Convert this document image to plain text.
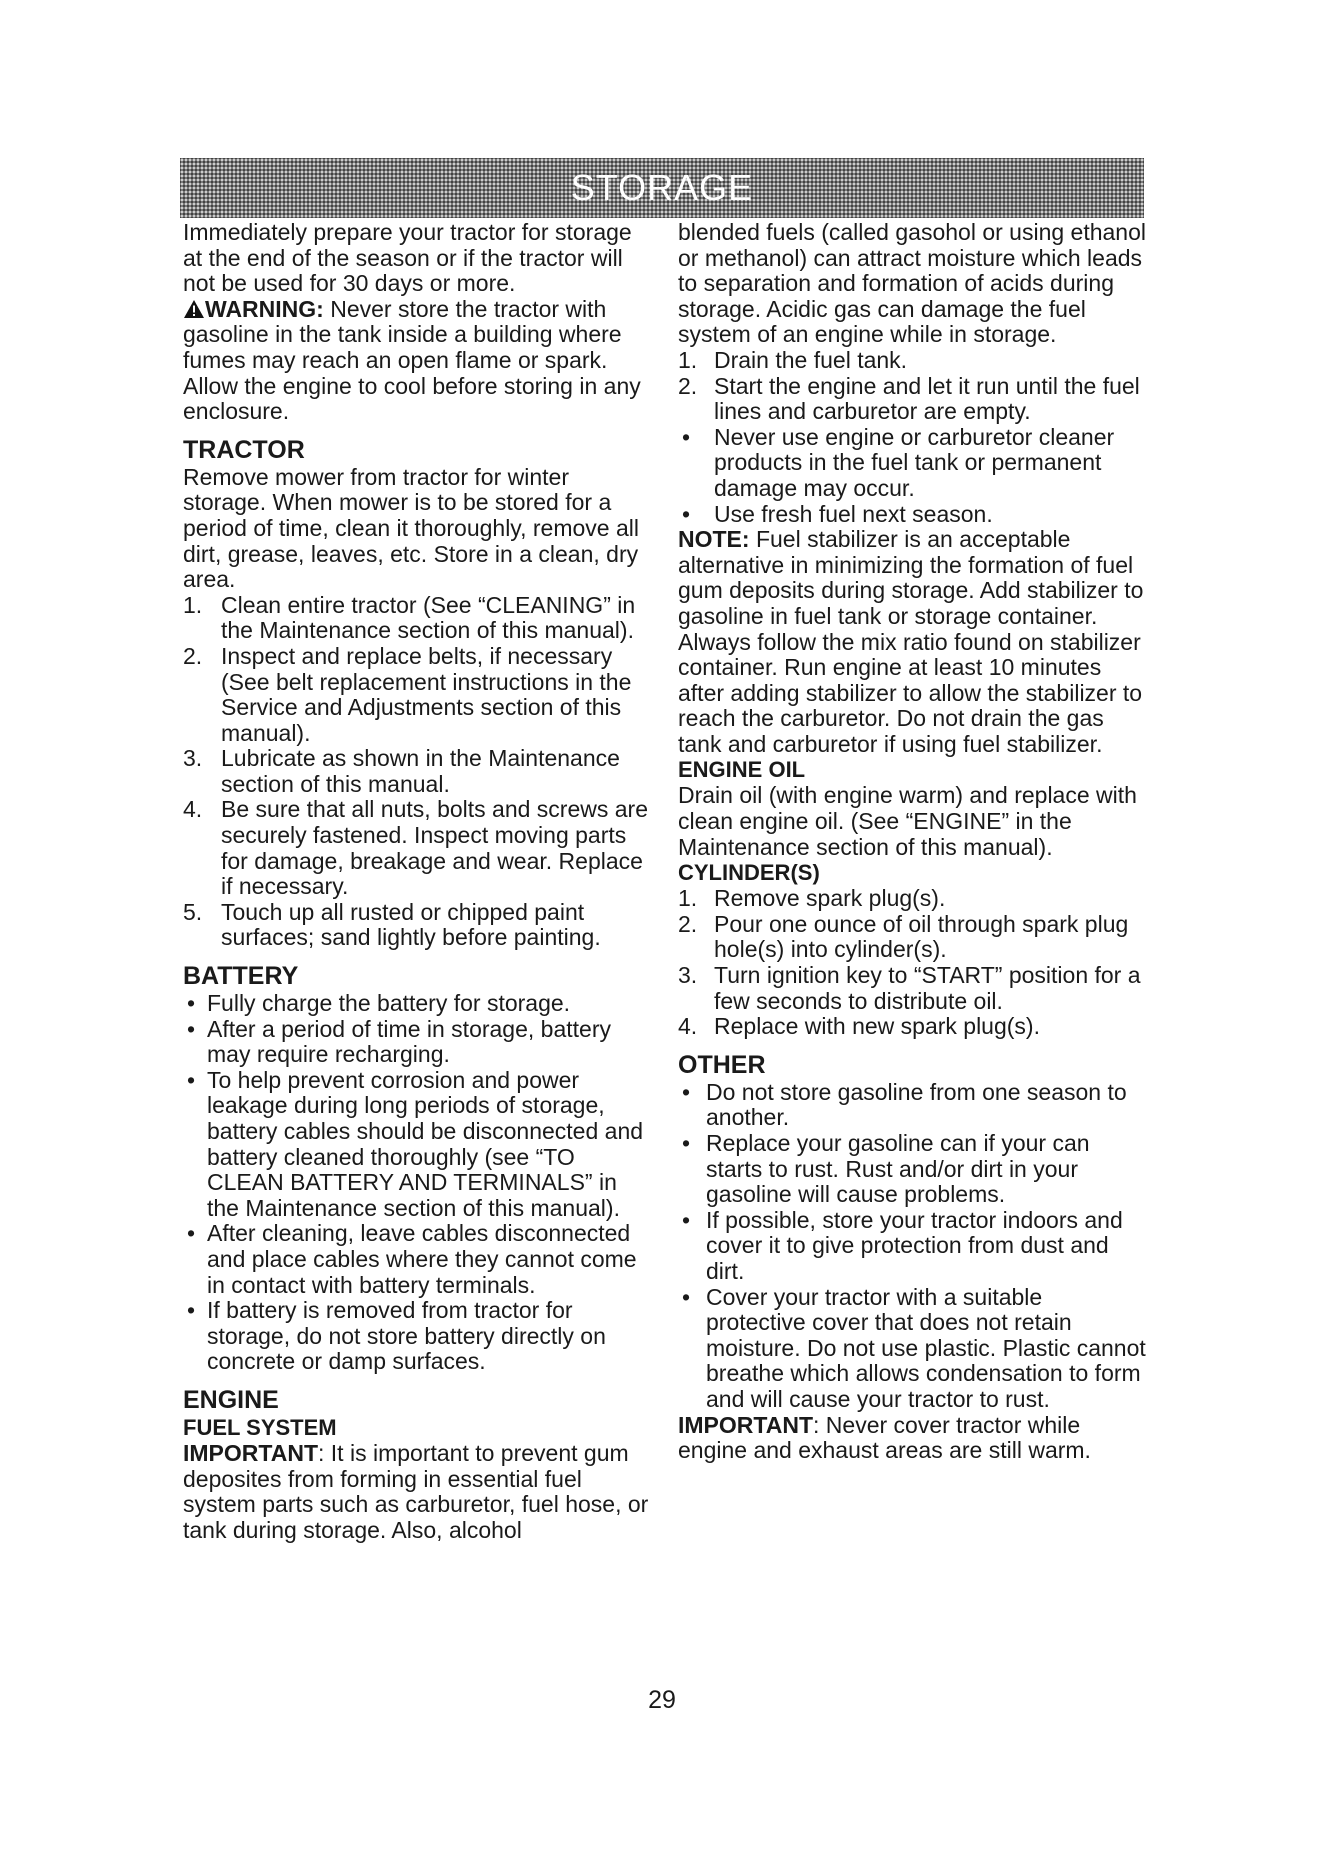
STORAGE

Immediately prepare your tractor for storage at the end of the season or if the tractor will not be used for 30 days or more.

WARNING: Never store the tractor with gasoline in the tank inside a building where fumes may reach an open flame or spark. Allow the engine to cool before storing in any enclosure.

TRACTOR

Remove mower from tractor for winter storage. When mower is to be stored for a period of time, clean it thoroughly, remove all dirt, grease, leaves, etc. Store in a clean, dry area.

1. Clean entire tractor (See “CLEANING” in the Maintenance section of this manual).
2. Inspect and replace belts, if necessary (See belt replacement instructions in the Service and Adjustments section of this manual).
3. Lubricate as shown in the Maintenance section of this manual.
4. Be sure that all nuts, bolts and screws are securely fastened. Inspect moving parts for damage, breakage and wear. Replace if necessary.
5. Touch up all rusted or chipped paint surfaces; sand lightly before painting.
BATTERY
• Fully charge the battery for storage.
• After a period of time in storage, battery may require recharging.
• To help prevent corrosion and power leakage during long periods of storage, battery cables should be disconnected and battery cleaned thoroughly (see “TO CLEAN BATTERY AND TERMINALS” in the Maintenance section of this manual).
• After cleaning, leave cables disconnected and place cables where they cannot come in contact with battery terminals.
• If battery is removed from tractor for storage, do not store battery directly on concrete or damp surfaces.
ENGINE
FUEL SYSTEM

IMPORTANT: It is important to prevent gum deposites from forming in essential fuel system parts such as carburetor, fuel hose, or tank during storage. Also, alcohol

blended fuels (called gasohol or using ethanol or methanol) can attract moisture which leads to separation and formation of acids during storage. Acidic gas can damage the fuel system of an engine while in storage.

1. Drain the fuel tank.
2. Start the engine and let it run until the fuel lines and carburetor are empty.
• Never use engine or carburetor cleaner products in the fuel tank or permanent damage may occur.
• Use fresh fuel next season.

NOTE: Fuel stabilizer is an acceptable alternative in minimizing the formation of fuel gum deposits during storage. Add stabilizer to gasoline in fuel tank or storage container. Always follow the mix ratio found on stabilizer container. Run engine at least 10 minutes after adding stabilizer to allow the stabilizer to reach the carburetor. Do not drain the gas tank and carburetor if using fuel stabilizer.

ENGINE OIL

Drain oil (with engine warm) and replace with clean engine oil. (See “ENGINE” in the Maintenance section of this manual).

CYLINDER(S)
1. Remove spark plug(s).
2. Pour one ounce of oil through spark plug hole(s) into cylinder(s).
3. Turn ignition key to “START” position for a few seconds to distribute oil.
4. Replace with new spark plug(s).
OTHER
• Do not store gasoline from one season to another.
• Replace your gasoline can if your can starts to rust. Rust and/or dirt in your gasoline will cause problems.
• If possible, store your tractor indoors and cover it to give protection from dust and dirt.
• Cover your tractor with a suitable protective cover that does not retain moisture. Do not use plastic. Plastic cannot breathe which allows condensation to form and will cause your tractor to rust.

IMPORTANT: Never cover tractor while engine and exhaust areas are still warm.

29
